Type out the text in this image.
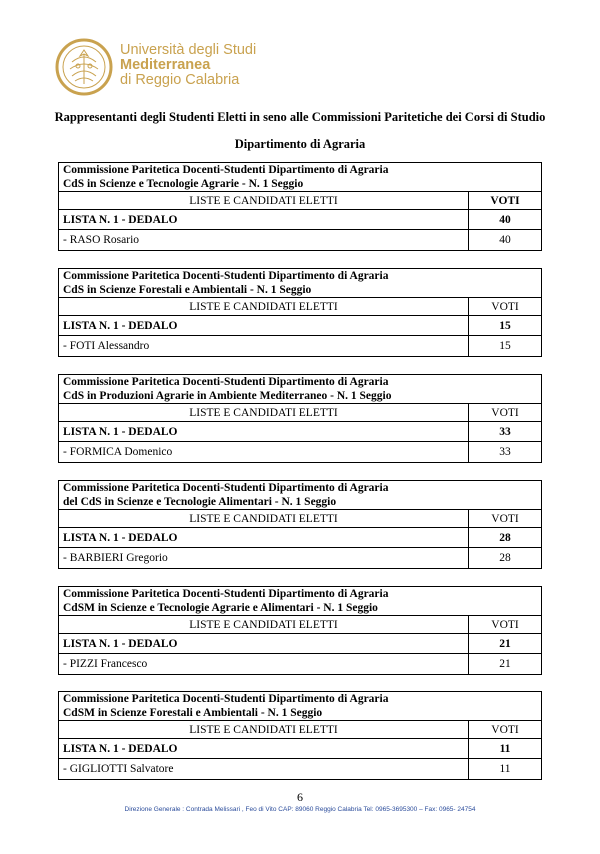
Università degli Studi
Mediterranea
di Reggio Calabria
Rappresentanti degli Studenti Eletti in seno alle Commissioni Paritetiche dei Corsi di Studio
Dipartimento di Agraria
Commissione Paritetica Docenti-Studenti Dipartimento di Agraria
CdS in Scienze e Tecnologie Agrarie - N. 1 Seggio	

LISTE E CANDIDATI ELETTI	VOTI
LISTA N. 1 - DEDALO	40
- RASO Rosario	40
Commissione Paritetica Docenti-Studenti Dipartimento di Agraria
CdS in Scienze Forestali e Ambientali - N. 1 Seggio	

LISTE E CANDIDATI ELETTI	VOTI
LISTA N. 1 - DEDALO	15
- FOTI Alessandro	15
Commissione Paritetica Docenti-Studenti Dipartimento di Agraria
CdS in Produzioni Agrarie in Ambiente Mediterraneo - N. 1 Seggio	

LISTE E CANDIDATI ELETTI	VOTI
LISTA N. 1 - DEDALO	33
- FORMICA Domenico	33
Commissione Paritetica Docenti-Studenti Dipartimento di Agraria
del CdS in Scienze e Tecnologie Alimentari - N. 1 Seggio	

LISTE E CANDIDATI ELETTI	VOTI
LISTA N. 1 - DEDALO	28
- BARBIERI Gregorio	28
Commissione Paritetica Docenti-Studenti Dipartimento di Agraria
CdSM in Scienze e Tecnologie Agrarie e Alimentari - N. 1 Seggio	

LISTE E CANDIDATI ELETTI	VOTI
LISTA N. 1 - DEDALO	21
- PIZZI Francesco	21
Commissione Paritetica Docenti-Studenti Dipartimento di Agraria
CdSM in Scienze Forestali e Ambientali - N. 1 Seggio	

LISTE E CANDIDATI ELETTI	VOTI
LISTA N. 1 - DEDALO	11
- GIGLIOTTI Salvatore	11
6
Direzione Generale : Contrada Melissari , Feo di Vito CAP: 89060 Reggio Calabria Tel: 0965-3695300 – Fax: 0965- 24754
